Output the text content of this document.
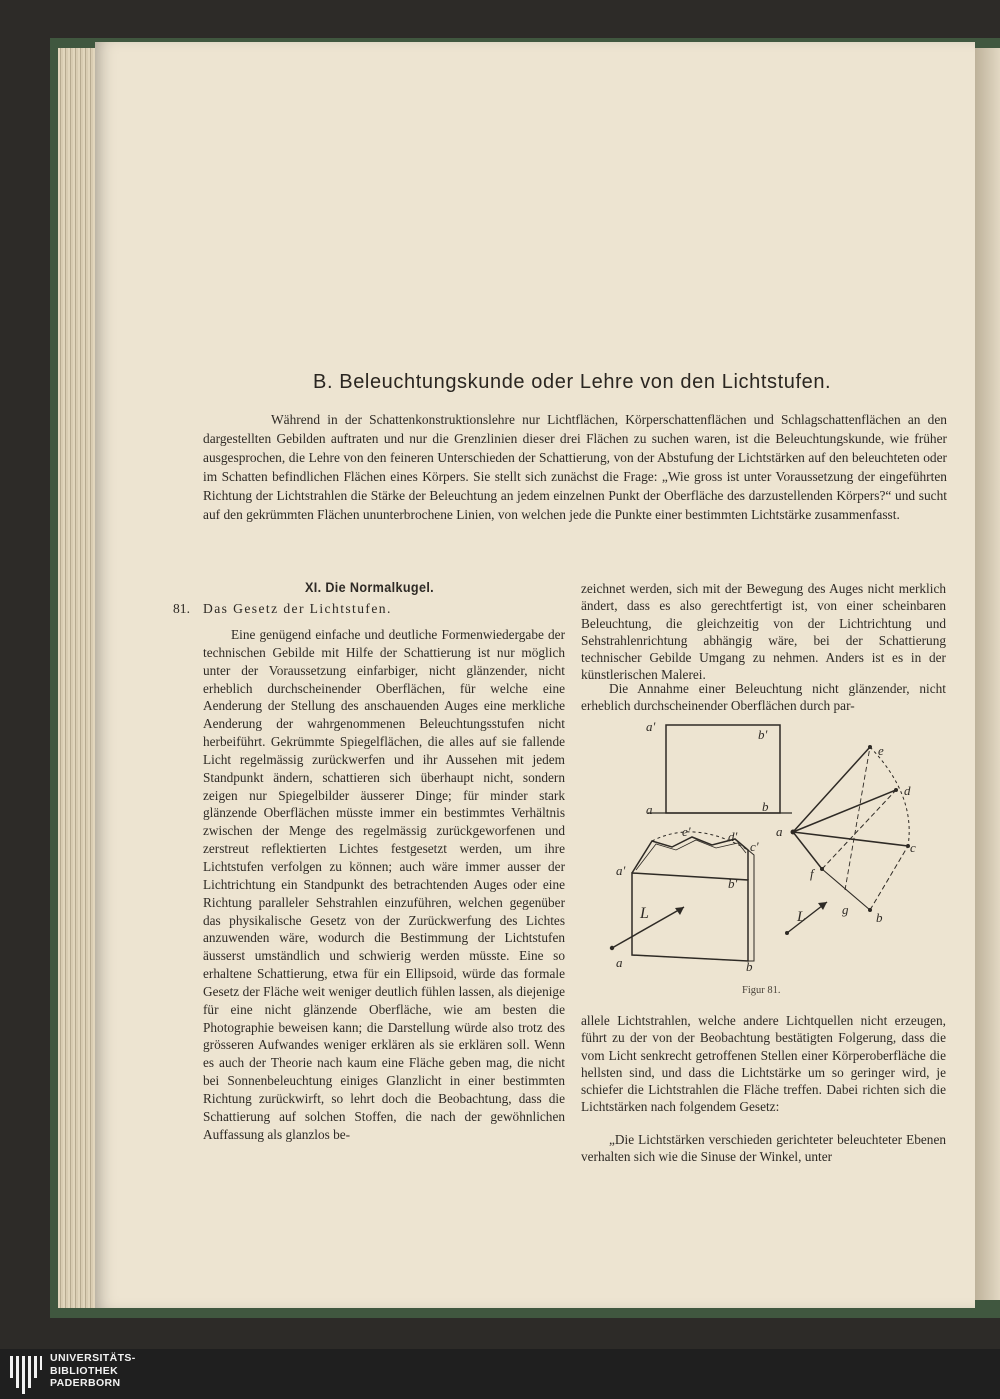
B. Beleuchtungskunde oder Lehre von den Lichtstufen.
Während in der Schattenkonstruktionslehre nur Lichtflächen, Körperschattenflächen und Schlagschattenflächen an den dargestellten Gebilden auftraten und nur die Grenzlinien dieser drei Flächen zu suchen waren, ist die Beleuchtungskunde, wie früher ausgesprochen, die Lehre von den feineren Unterschieden der Schattierung, von der Abstufung der Lichtstärken auf den beleuchteten oder im Schatten befindlichen Flächen eines Körpers. Sie stellt sich zunächst die Frage: „Wie gross ist unter Voraussetzung der eingeführten Richtung der Lichtstrahlen die Stärke der Beleuchtung an jedem einzelnen Punkt der Oberfläche des darzustellenden Körpers?“ und sucht auf den gekrümmten Flächen ununterbrochene Linien, von welchen jede die Punkte einer bestimmten Lichtstärke zusammenfasst.
XI. Die Normalkugel.
81. Das Gesetz der Lichtstufen.
Eine genügend einfache und deutliche Formenwiedergabe der technischen Gebilde mit Hilfe der Schattierung ist nur möglich unter der Voraussetzung einfarbiger, nicht glänzender, nicht erheblich durchscheinender Oberflächen, für welche eine Aenderung der Stellung des anschauenden Auges eine merkliche Aenderung der wahrgenommenen Beleuchtungsstufen nicht herbeiführt. Gekrümmte Spiegelflächen, die alles auf sie fallende Licht regelmässig zurückwerfen und ihr Aussehen mit jedem Standpunkt ändern, schattieren sich überhaupt nicht, sondern zeigen nur Spiegelbilder äusserer Dinge; für minder stark glänzende Oberflächen müsste immer ein bestimmtes Verhältnis zwischen der Menge des regelmässig zurückgeworfenen und zerstreut reflektierten Lichtes festgesetzt werden, um ihre Lichtstufen verfolgen zu können; auch wäre immer ausser der Lichtrichtung ein Standpunkt des betrachtenden Auges oder eine Richtung paralleler Sehstrahlen einzuführen, welchen gegenüber das physikalische Gesetz von der Zurückwerfung des Lichtes anzuwenden wäre, wodurch die Bestimmung der Lichtstufen äusserst umständlich und schwierig werden müsste. Eine so erhaltene Schattierung, etwa für ein Ellipsoid, würde das formale Gesetz der Fläche weit weniger deutlich fühlen lassen, als diejenige für eine nicht glänzende Oberfläche, wie am besten die Photographie beweisen kann; die Darstellung würde also trotz des grösseren Aufwandes weniger erklären als sie erklären soll. Wenn es auch der Theorie nach kaum eine Fläche geben mag, die nicht bei Sonnenbeleuchtung einiges Glanzlicht in einer bestimmten Richtung zurückwirft, so lehrt doch die Beobachtung, dass die Schattierung auf solchen Stoffen, die nach der gewöhnlichen Auffassung als glanzlos be-
zeichnet werden, sich mit der Bewegung des Auges nicht merklich ändert, dass es also gerechtfertigt ist, von einer scheinbaren Beleuchtung, die gleichzeitig von der Lichtrichtung und Sehstrahlenrichtung abhängig wäre, bei der Schattierung technischer Gebilde Umgang zu nehmen. Anders ist es in der künstlerischen Malerei.
Die Annahme einer Beleuchtung nicht glänzender, nicht erheblich durchscheinender Oberflächen durch par-
a'
b'
a	b
e'	d'
c'
a'
b'
L
a	b
e
d
a
c
f
g
b
L
Figur 81.
allele Lichtstrahlen, welche andere Lichtquellen nicht erzeugen, führt zu der von der Beobachtung bestätigten Folgerung, dass die vom Licht senkrecht getroffenen Stellen einer Körperoberfläche die hellsten sind, und dass die Lichtstärke um so geringer wird, je schiefer die Lichtstrahlen die Fläche treffen. Dabei richten sich die Lichtstärken nach folgendem Gesetz:
„Die Lichtstärken verschieden gerichteter beleuchteter Ebenen verhalten sich wie die Sinuse der Winkel, unter
UNIVERSITÄTS-
BIBLIOTHEK
PADERBORN
